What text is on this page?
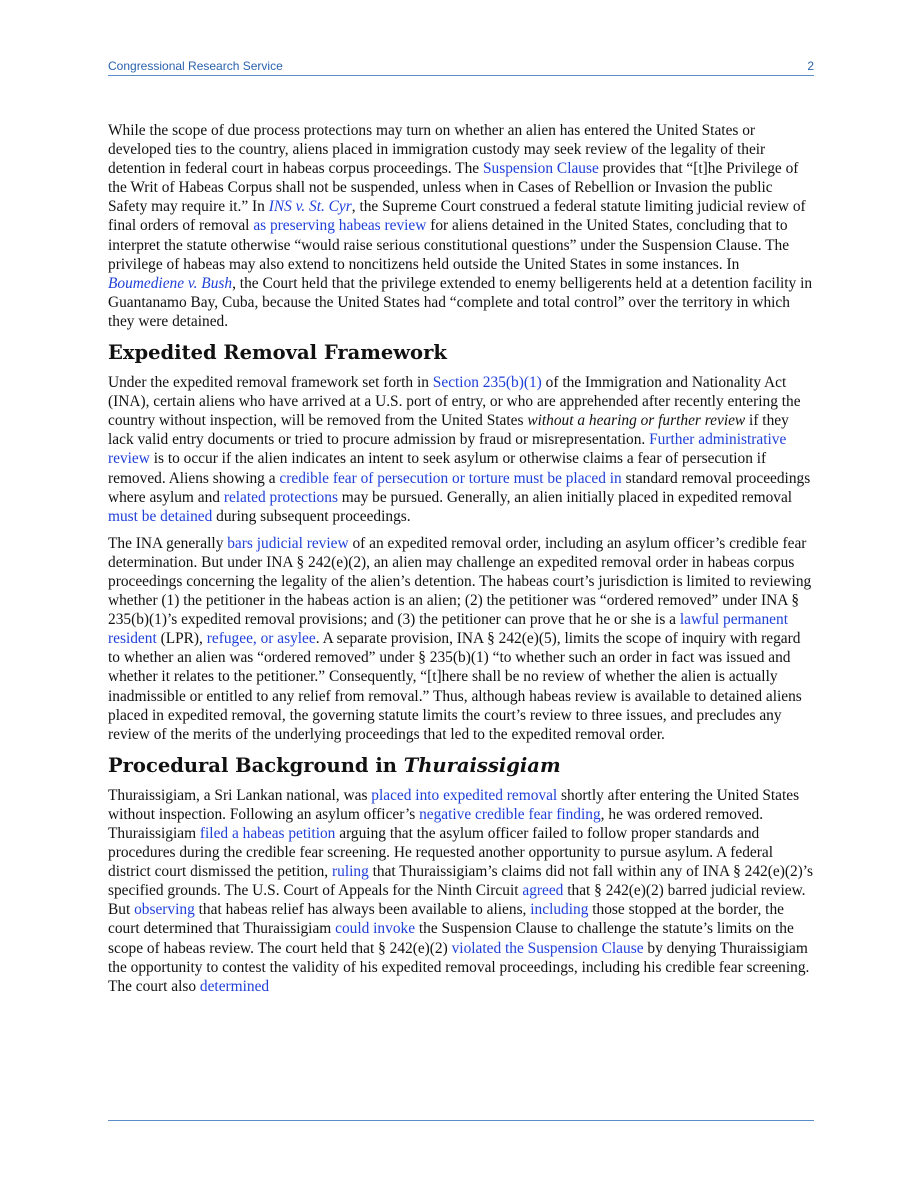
Congressional Research Service	2

While the scope of due process protections may turn on whether an alien has entered the United States or developed ties to the country, aliens placed in immigration custody may seek review of the legality of their detention in federal court in habeas corpus proceedings. The Suspension Clause provides that “[t]he Privilege of the Writ of Habeas Corpus shall not be suspended, unless when in Cases of Rebellion or Invasion the public Safety may require it.” In INS v. St. Cyr, the Supreme Court construed a federal statute limiting judicial review of final orders of removal as preserving habeas review for aliens detained in the United States, concluding that to interpret the statute otherwise “would raise serious constitutional questions” under the Suspension Clause. The privilege of habeas may also extend to noncitizens held outside the United States in some instances. In Boumediene v. Bush, the Court held that the privilege extended to enemy belligerents held at a detention facility in Guantanamo Bay, Cuba, because the United States had “complete and total control” over the territory in which they were detained.

Expedited Removal Framework

Under the expedited removal framework set forth in Section 235(b)(1) of the Immigration and Nationality Act (INA), certain aliens who have arrived at a U.S. port of entry, or who are apprehended after recently entering the country without inspection, will be removed from the United States without a hearing or further review if they lack valid entry documents or tried to procure admission by fraud or misrepresentation. Further administrative review is to occur if the alien indicates an intent to seek asylum or otherwise claims a fear of persecution if removed. Aliens showing a credible fear of persecution or torture must be placed in standard removal proceedings where asylum and related protections may be pursued. Generally, an alien initially placed in expedited removal must be detained during subsequent proceedings.

The INA generally bars judicial review of an expedited removal order, including an asylum officer’s credible fear determination. But under INA § 242(e)(2), an alien may challenge an expedited removal order in habeas corpus proceedings concerning the legality of the alien’s detention. The habeas court’s jurisdiction is limited to reviewing whether (1) the petitioner in the habeas action is an alien; (2) the petitioner was “ordered removed” under INA § 235(b)(1)’s expedited removal provisions; and (3) the petitioner can prove that he or she is a lawful permanent resident (LPR), refugee, or asylee. A separate provision, INA § 242(e)(5), limits the scope of inquiry with regard to whether an alien was “ordered removed” under § 235(b)(1) “to whether such an order in fact was issued and whether it relates to the petitioner.” Consequently, “[t]here shall be no review of whether the alien is actually inadmissible or entitled to any relief from removal.” Thus, although habeas review is available to detained aliens placed in expedited removal, the governing statute limits the court’s review to three issues, and precludes any review of the merits of the underlying proceedings that led to the expedited removal order.

Procedural Background in Thuraissigiam

Thuraissigiam, a Sri Lankan national, was placed into expedited removal shortly after entering the United States without inspection. Following an asylum officer’s negative credible fear finding, he was ordered removed. Thuraissigiam filed a habeas petition arguing that the asylum officer failed to follow proper standards and procedures during the credible fear screening. He requested another opportunity to pursue asylum. A federal district court dismissed the petition, ruling that Thuraissigiam’s claims did not fall within any of INA § 242(e)(2)’s specified grounds. The U.S. Court of Appeals for the Ninth Circuit agreed that § 242(e)(2) barred judicial review. But observing that habeas relief has always been available to aliens, including those stopped at the border, the court determined that Thuraissigiam could invoke the Suspension Clause to challenge the statute’s limits on the scope of habeas review. The court held that § 242(e)(2) violated the Suspension Clause by denying Thuraissigiam the opportunity to contest the validity of his expedited removal proceedings, including his credible fear screening. The court also determined
